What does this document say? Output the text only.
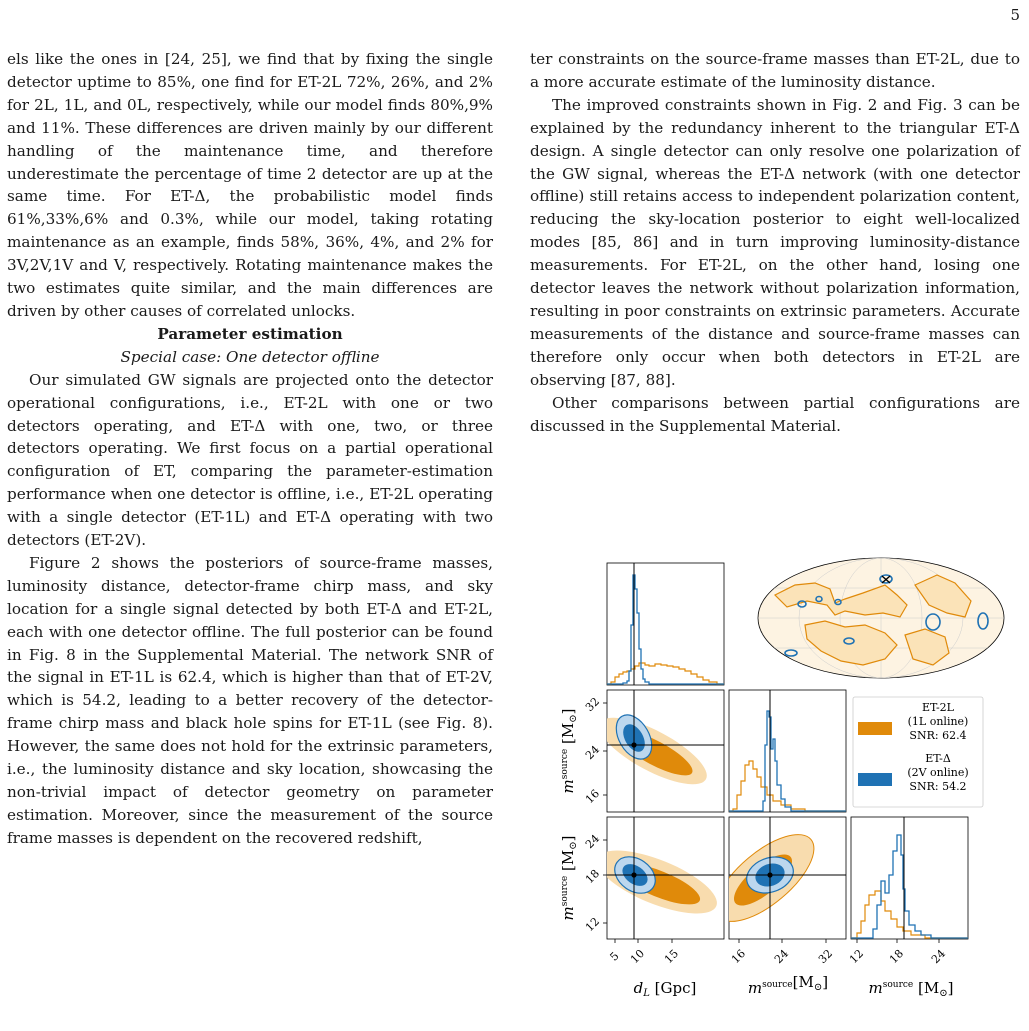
5

els like the ones in [24, 25], we find that by fixing the single detector uptime to 85%, one find for ET-2L 72%, 26%, and 2% for 2L, 1L, and 0L, respectively, while our model finds 80%,9% and 11%. These differences are driven mainly by our different handling of the maintenance time, and therefore underestimate the percentage of time 2 detector are up at the same time. For ET-Δ, the probabilistic model finds 61%,33%,6% and 0.3%, while our model, taking rotating maintenance as an example, finds 58%, 36%, 4%, and 2% for 3V,2V,1V and V, respectively. Rotating maintenance makes the two estimates quite similar, and the main differences are driven by other causes of correlated unlocks.

Parameter estimation

Special case: One detector offline

Our simulated GW signals are projected onto the detector operational configurations, i.e., ET-2L with one or two detectors operating, and ET-Δ with one, two, or three detectors operating. We first focus on a partial operational configuration of ET, comparing the parameter-estimation performance when one detector is offline, i.e., ET-2L operating with a single detector (ET-1L) and ET-Δ operating with two detectors (ET-2V).

Figure 2 shows the posteriors of source-frame masses, luminosity distance, detector-frame chirp mass, and sky location for a single signal detected by both ET-Δ and ET-2L, each with one detector offline. The full posterior can be found in Fig. 8 in the Supplemental Material. The network SNR of the signal in ET-1L is 62.4, which is higher than that of ET-2V, which is 54.2, leading to a better recovery of the detector-frame chirp mass and black hole spins for ET-1L (see Fig. 8). However, the same does not hold for the extrinsic parameters, i.e., the luminosity distance and sky location, showcasing the non-trivial impact of detector geometry on parameter estimation. Moreover, since the measurement of the source frame masses is dependent on the recovered redshift,

ter constraints on the source-frame masses than ET-2L, due to a more accurate estimate of the luminosity distance.

The improved constraints shown in Fig. 2 and Fig. 3 can be explained by the redundancy inherent to the triangular ET-Δ design. A single detector can only resolve one polarization of the GW signal, whereas the ET-Δ network (with one detector offline) still retains access to independent polarization content, reducing the sky-location posterior to eight well-localized modes [85, 86] and in turn improving luminosity-distance measurements. For ET-2L, on the other hand, losing one detector leaves the network without polarization information, resulting in poor constraints on extrinsic parameters. Accurate measurements of the distance and source-frame masses can therefore only occur when both detectors in ET-2L are observing [87, 88].

Other comparisons between partial configurations are discussed in the Supplemental Material.

5 10 15	16 24 32 12 18 24
16
24
32
12
18
24
$d_L$ [Gpc]	$m^{source}$ $[M_⊙]$	$m^{source}$ $[M_⊙]$
$m^{source}$ $[M_⊙]$
$m^{source}$ $[M_⊙]$
ET-2L
(1L online)
SNR: 62.4
ET-Δ
(2V online)
SNR: 54.2
